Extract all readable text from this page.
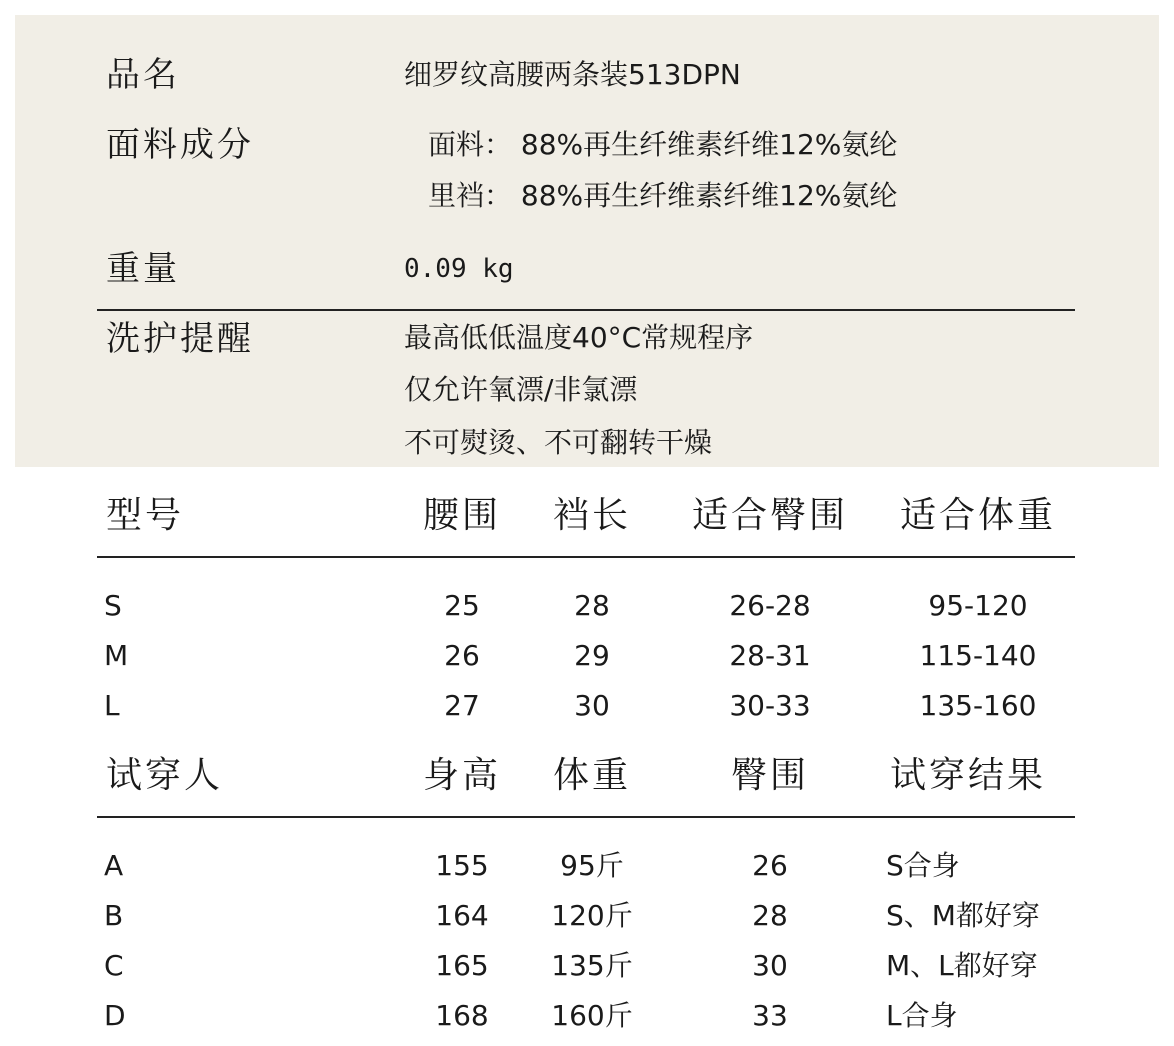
品名	细罗纹高腰两条装513DPN
面料成分	面料： 88%再生纤维素纤维12%氨纶
里裆： 88%再生纤维素纤维12%氨纶
重量	0.09 kg
洗护提醒	最高低低温度40°C常规程序
仅允许氧漂/非氯漂
不可熨烫、不可翻转干燥
型号	腰围	裆长	适合臀围	适合体重
S	25	28	26-28	95-120
M	26	29	28-31	115-140
L	27	30	30-33	135-160
试穿人	身高	体重	臀围	试穿结果
A	155	95斤	26	S合身
B	164	120斤	28	S、M都好穿
C	165	135斤	30	M、L都好穿
D	168	160斤	33	L合身
